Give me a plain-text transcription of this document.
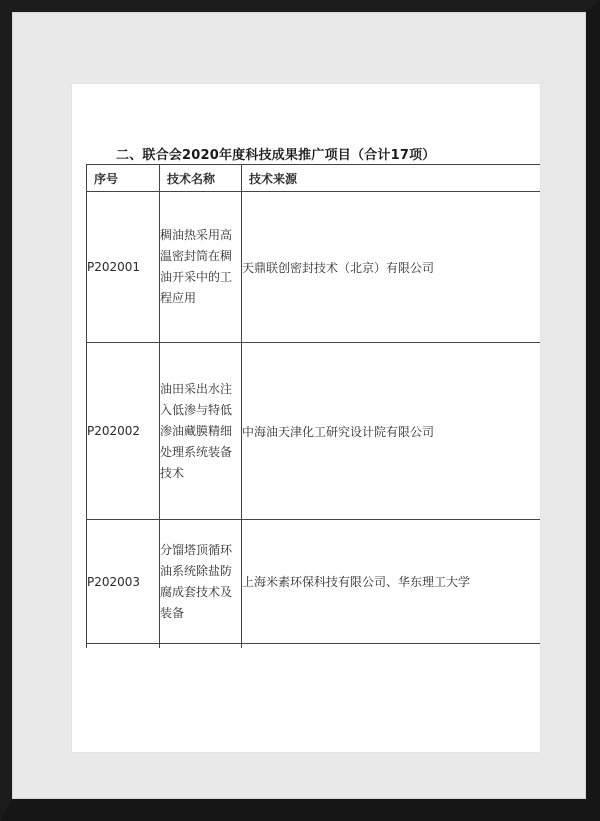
二、联合会2020年度科技成果推广项目（合计17项）
序号	技术名称	技术来源
P202001	稠油热采用高温密封筒在稠油开采中的工程应用	天鼎联创密封技术（北京）有限公司
P202002	油田采出水注入低渗与特低渗油藏膜精细处理系统装备技术	中海油天津化工研究设计院有限公司
P202003	分馏塔顶循环油系统除盐防腐成套技术及装备	上海米素环保科技有限公司、华东理工大学
